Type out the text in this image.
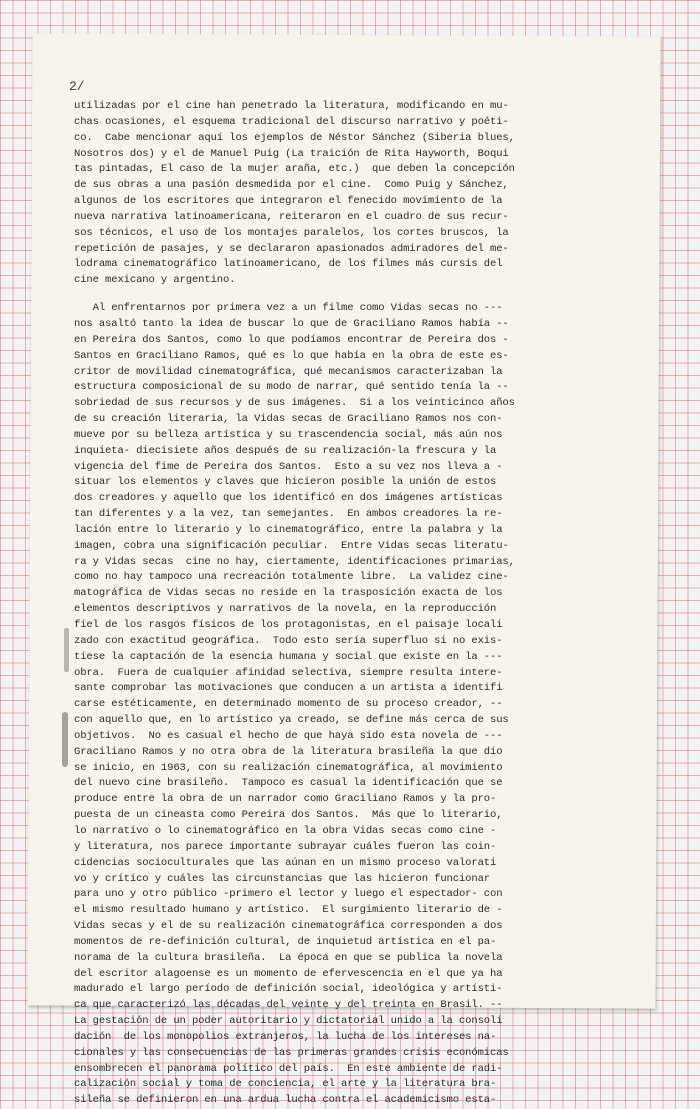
2/
utilizadas por el cine han penetrado la literatura, modificando en mu-
chas ocasiones, el esquema tradicional del discurso narrativo y poéti-
co.  Cabe mencionar aquí los ejemplos de Néstor Sánchez (Siberia blues,
Nosotros dos) y el de Manuel Puig (La traición de Rita Hayworth, Boqui
tas pintadas, El caso de la mujer araña, etc.)  que deben la concepción
de sus obras a una pasión desmedida por el cine.  Como Puig y Sánchez,
algunos de los escritores que integraron el fenecido movimiento de la
nueva narrativa latinoamericana, reiteraron en el cuadro de sus recur-
sos técnicos, el uso de los montajes paralelos, los cortes bruscos, la
repetición de pasajes, y se declararon apasionados admiradores del me-
lodrama cinematográfico latinoamericano, de los filmes más cursis del
cine mexicano y argentino.
Al enfrentarnos por primera vez a un filme como Vidas secas no ---
nos asaltó tanto la idea de buscar lo que de Graciliano Ramos había --
en Pereira dos Santos, como lo que podíamos encontrar de Pereira dos -
Santos en Graciliano Ramos, qué es lo que había en la obra de este es-
critor de movilidad cinematográfica, qué mecanismos caracterizaban la
estructura composicional de su modo de narrar, qué sentido tenía la --
sobriedad de sus recursos y de sus imágenes.  Si a los veinticinco años
de su creación literaria, la Vidas secas de Graciliano Ramos nos con-
mueve por su belleza artística y su trascendencia social, más aún nos
inquieta- diecisiete años después de su realización-la frescura y la
vigencia del fime de Pereira dos Santos.  Esto a su vez nos lleva a -
situar los elementos y claves que hicieron posible la unión de estos
dos creadores y aquello que los identificó en dos imágenes artísticas
tan diferentes y a la vez, tan semejantes.  En ambos creadores la re-
lación entre lo literario y lo cinematográfico, entre la palabra y la
imagen, cobra una significación peculiar.  Entre Vidas secas literatu-
ra y Vidas secas  cine no hay, ciertamente, identificaciones primarias,
como no hay tampoco una recreación totalmente libre.  La validez cine-
matográfica de Vidas secas no reside en la trasposición exacta de los
elementos descriptivos y narrativos de la novela, en la reproducción
fiel de los rasgos físicos de los protagonistas, en el paisaje locali
zado con exactitud geográfica.  Todo esto sería superfluo si no exis-
tiese la captación de la esencia humana y social que existe en la ---
obra.  Fuera de cualquier afinidad selectiva, siempre resulta intere-
sante comprobar las motivaciones que conducen a un artista a identifi
carse estéticamente, en determinado momento de su proceso creador, --
con aquello que, en lo artístico ya creado, se define más cerca de sus
objetivos.  No es casual el hecho de que haya sido esta novela de ---
Graciliano Ramos y no otra obra de la literatura brasileña la que dio
se inicio, en 1963, con su realización cinematográfica, al movimiento
del nuevo cine brasileño.  Tampoco es casual la identificación que se
produce entre la obra de un narrador como Graciliano Ramos y la pro-
puesta de un cineasta como Pereira dos Santos.  Más que lo literario,
lo narrativo o lo cinematográfico en la obra Vidas secas como cine -
y literatura, nos parece importante subrayar cuáles fueron las coin-
cidencias socioculturales que las aúnan en un mismo proceso valorati
vo y crítico y cuáles las circunstancias que las hicieron funcionar
para uno y otro público -primero el lector y luego el espectador- con
el mismo resultado humano y artístico.  El surgimiento literario de -
Vidas secas y el de su realización cinematográfica corresponden a dos
momentos de re-definición cultural, de inquietud artística en el pa-
norama de la cultura brasileña.  La época en que se publica la novela
del escritor alagoense es un momento de efervescencia en el que ya ha
madurado el largo período de definición social, ideológica y artísti-
ca que caracterizó las décadas del veinte y del treinta en Brasil. --
La gestación de un poder autoritario y dictatorial unido a la consoli
dación  de los monopolios extranjeros, la lucha de los intereses na-
cionales y las consecuencias de las primeras grandes crisis económicas
ensombrecen el panorama político del país.  En este ambiente de radi-
calización social y toma de conciencia, el arte y la literatura bra-
sileña se definieron en una ardua lucha contra el academicismo esta-
